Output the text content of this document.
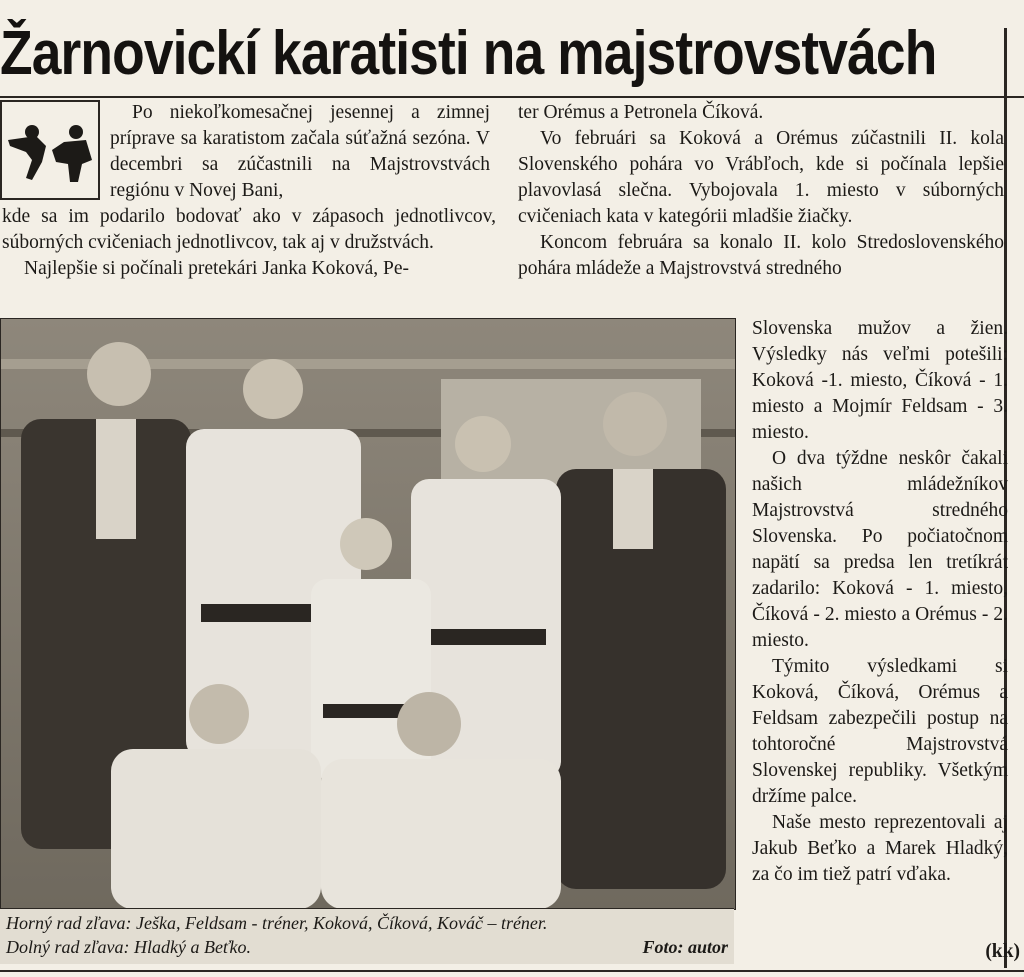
Žarnovickí karatisti na majstrovstvách

Po niekoľkomesačnej jesennej a zimnej príprave sa karatistom začala súťažná sezóna. V decembri sa zúčastnili na Majstrovstvách regiónu v Novej Bani,

kde sa im podarilo bodovať ako v zápasoch jednotlivcov, súborných cvičeniach jednotlivcov, tak aj v družstvách.

Najlepšie si počínali pretekári Janka Koková, Pe-

ter Orémus a Petronela Číková.

Vo februári sa Koková a Orémus zúčastnili II. kola Slovenského pohára vo Vrábľoch, kde si počínala lepšie plavovlasá slečna. Vybojovala 1. miesto v súborných cvičeniach kata v kategórii mladšie žiačky.

Koncom februára sa konalo II. kolo Stredoslovenského pohára mládeže a Majstrovstvá stredného

Slovenska mužov a žien. Výsledky nás veľmi potešili: Koková -1. miesto, Číková - 1. miesto a Mojmír Feldsam - 3. miesto.

O dva týždne neskôr čakali našich mládežníkov Majstrovstvá stredného Slovenska. Po počiatočnom napätí sa predsa len tretíkrát zadarilo: Koková - 1. miesto, Číková - 2. miesto a Orémus - 2. miesto.

Týmito výsledkami si Koková, Číková, Orémus a Feldsam zabezpečili postup na tohtoročné Majstrovstvá Slovenskej republiky. Všetkým držíme palce.

Naše mesto reprezentovali aj Jakub Beťko a Marek Hladký, za čo im tiež patrí vďaka.

(kk)
Horný rad zľava: Ješka, Feldsam - tréner, Koková, Číková, Kováč – tréner.
Dolný rad zľava: Hladký a Beťko.	Foto: autor
